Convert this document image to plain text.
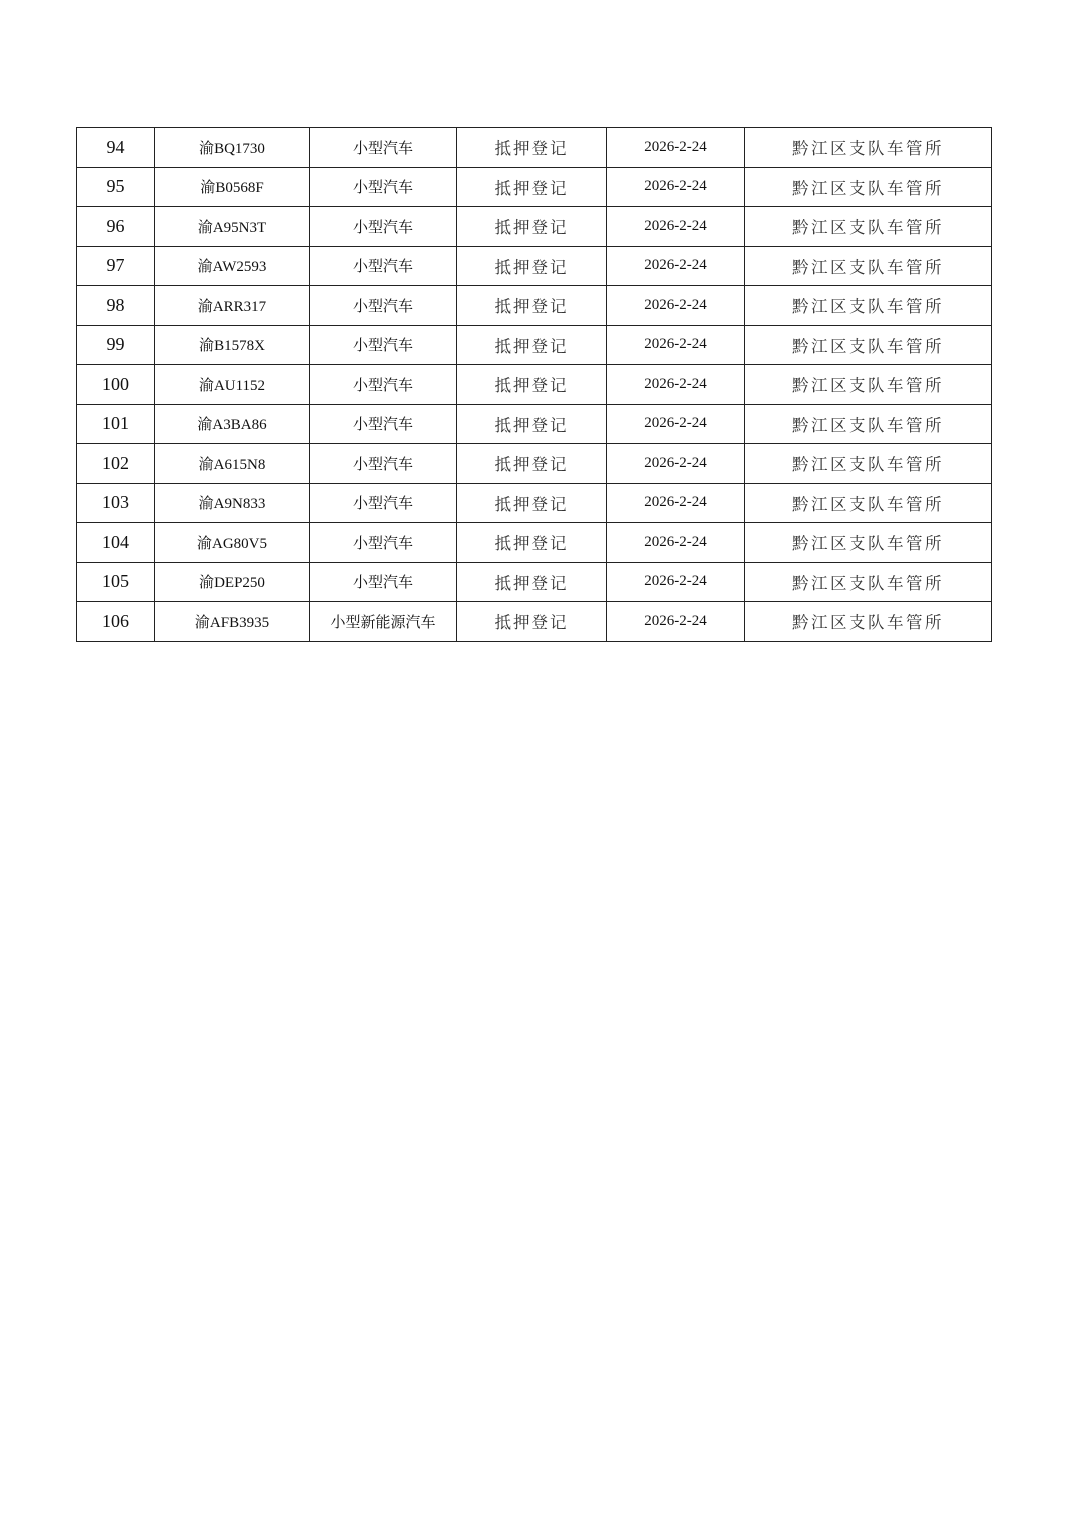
94	渝BQ1730	小型汽车	抵押登记	2026-2-24	黔江区支队车管所
95	渝B0568F	小型汽车	抵押登记	2026-2-24	黔江区支队车管所
96	渝A95N3T	小型汽车	抵押登记	2026-2-24	黔江区支队车管所
97	渝AW2593	小型汽车	抵押登记	2026-2-24	黔江区支队车管所
98	渝ARR317	小型汽车	抵押登记	2026-2-24	黔江区支队车管所
99	渝B1578X	小型汽车	抵押登记	2026-2-24	黔江区支队车管所
100	渝AU1152	小型汽车	抵押登记	2026-2-24	黔江区支队车管所
101	渝A3BA86	小型汽车	抵押登记	2026-2-24	黔江区支队车管所
102	渝A615N8	小型汽车	抵押登记	2026-2-24	黔江区支队车管所
103	渝A9N833	小型汽车	抵押登记	2026-2-24	黔江区支队车管所
104	渝AG80V5	小型汽车	抵押登记	2026-2-24	黔江区支队车管所
105	渝DEP250	小型汽车	抵押登记	2026-2-24	黔江区支队车管所
106	渝AFB3935	小型新能源汽车	抵押登记	2026-2-24	黔江区支队车管所
